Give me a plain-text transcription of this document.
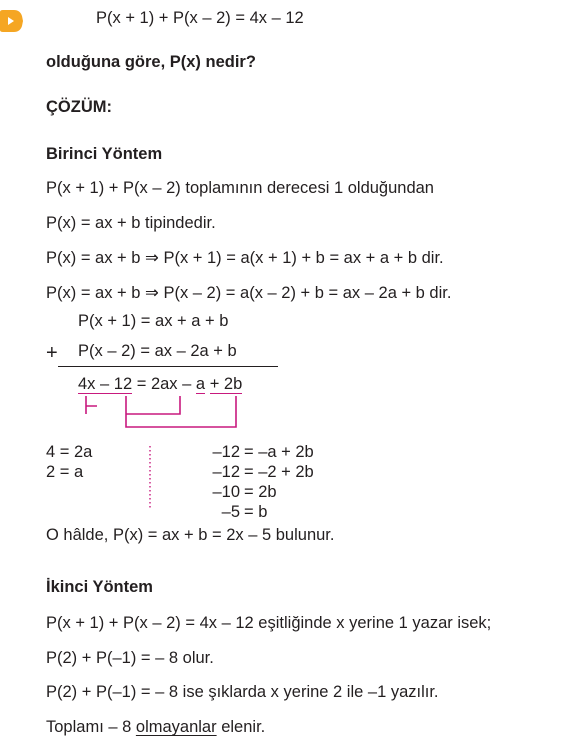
P(x + 1) + P(x – 2) = 4x – 12
olduğuna göre, P(x) nedir?
ÇÖZÜM:
Birinci Yöntem
P(x + 1) + P(x – 2) toplamının derecesi 1 olduğundan
P(x) = ax + b tipindedir.
P(x) = ax + b ⇒ P(x + 1) = a(x + 1) + b = ax + a + b dir.
P(x) = ax + b ⇒ P(x – 2) = a(x – 2) + b = ax – 2a + b dir.
P(x + 1) = ax + a + b
+ P(x – 2) = ax – 2a + b
4x – 12 = 2ax – a + 2b
4 = 2a
2 = a
–12 = –a + 2b
–12 = –2 + 2b
–10 = 2b
–5 = b
O hâlde, P(x) = ax + b = 2x – 5 bulunur.
İkinci Yöntem
P(x + 1) + P(x – 2) = 4x – 12 eşitliğinde x yerine 1 yazar isek;
P(2) + P(–1) = – 8 olur.
P(2) + P(–1) = – 8 ise şıklarda x yerine 2 ile –1 yazılır.
Toplamı – 8 olmayanlar elenir.
